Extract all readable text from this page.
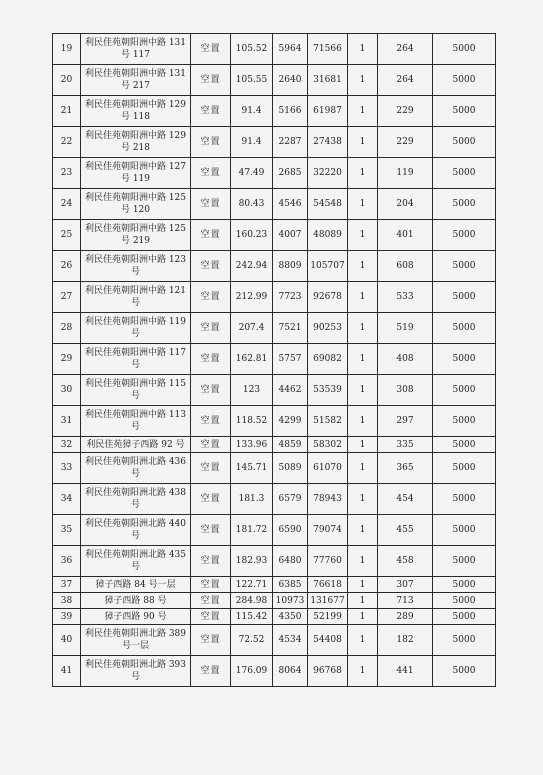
19	利民佳苑朝阳洲中路 131 号 117	空置	105.52	5964	71566	1	264	5000
20	利民佳苑朝阳洲中路 131 号 217	空置	105.55	2640	31681	1	264	5000
21	利民佳苑朝阳洲中路 129 号 118	空置	91.4	5166	61987	1	229	5000
22	利民佳苑朝阳洲中路 129 号 218	空置	91.4	2287	27438	1	229	5000
23	利民佳苑朝阳洲中路 127 号 119	空置	47.49	2685	32220	1	119	5000
24	利民佳苑朝阳洲中路 125 号 120	空置	80.43	4546	54548	1	204	5000
25	利民佳苑朝阳洲中路 125 号 219	空置	160.23	4007	48089	1	401	5000
26	利民佳苑朝阳洲中路 123 号	空置	242.94	8809	105707	1	608	5000
27	利民佳苑朝阳洲中路 121 号	空置	212.99	7723	92678	1	533	5000
28	利民佳苑朝阳洲中路 119 号	空置	207.4	7521	90253	1	519	5000
29	利民佳苑朝阳洲中路 117 号	空置	162.81	5757	69082	1	408	5000
30	利民佳苑朝阳洲中路 115 号	空置	123	4462	53539	1	308	5000
31	利民佳苑朝阳洲中路 113 号	空置	118.52	4299	51582	1	297	5000
32	利民佳苑獐子西路 92 号	空置	133.96	4859	58302	1	335	5000
33	利民佳苑朝阳洲北路 436 号	空置	145.71	5089	61070	1	365	5000
34	利民佳苑朝阳洲北路 438 号	空置	181.3	6579	78943	1	454	5000
35	利民佳苑朝阳洲北路 440 号	空置	181.72	6590	79074	1	455	5000
36	利民佳苑朝阳洲北路 435 号	空置	182.93	6480	77760	1	458	5000
37	獐子西路 84 号一层	空置	122.71	6385	76618	1	307	5000
38	獐子西路 88 号	空置	284.98	10973	131677	1	713	5000
39	獐子西路 90 号	空置	115.42	4350	52199	1	289	5000
40	利民佳苑朝阳洲北路 389 号一层	空置	72.52	4534	54408	1	182	5000
41	利民佳苑朝阳洲北路 393 号	空置	176.09	8064	96768	1	441	5000
